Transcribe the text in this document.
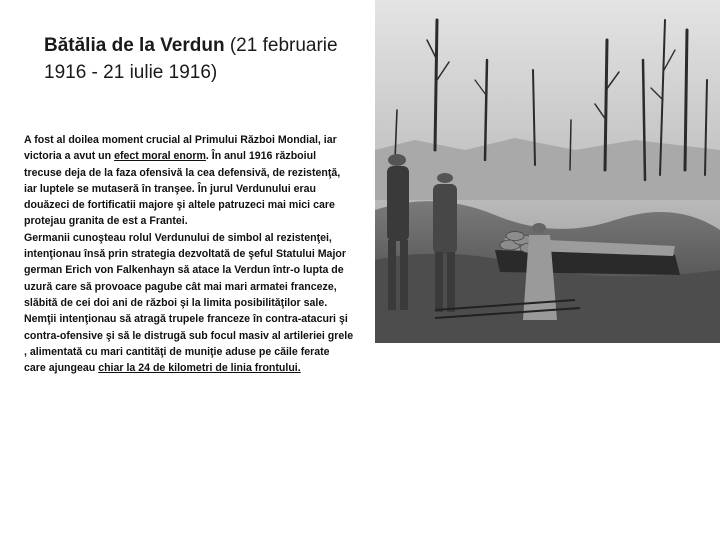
Bătălia de la Verdun (21 februarie 1916 - 21 iulie 1916)

A fost al doilea moment crucial al Primului Război Mondial, iar victoria a avut un efect moral enorm. În anul 1916 războiul trecuse deja de la faza ofensivă la cea defensivă, de rezistenţă, iar luptele se mutaseră în tranşee. În jurul Verdunului erau douăzeci de fortificatii majore şi altele patruzeci mai mici care protejau granita de est a Frantei.

Germanii cunoşteau rolul Verdunului de simbol al rezistenţei, intenţionau însă prin strategia dezvoltată de şeful Statului Major german Erich von Falkenhayn să atace la Verdun într-o lupta de uzură care să provoace pagube cât mai mari armatei franceze, slăbită de cei doi ani de război şi la limita posibilităţilor sale. Nemţii intenţionau să atragă trupele franceze în contra-atacuri şi contra-ofensive şi să le distrugă sub focul masiv al artileriei grele , alimentată cu mari cantităţi de muniţie aduse pe căile ferate care ajungeau chiar la 24 de kilometri de linia frontului.
